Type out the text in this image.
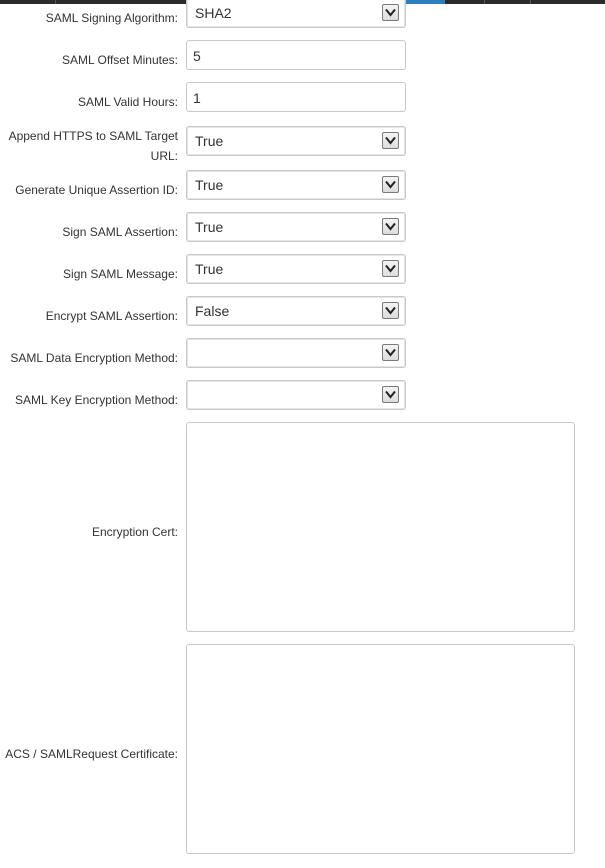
SAML Signing Algorithm: SHA2
SAML Offset Minutes: 5
SAML Valid Hours: 1
Append HTTPS to SAML Target
URL:
True
Generate Unique Assertion ID: True
Sign SAML Assertion: True
Sign SAML Message: True
Encrypt SAML Assertion: False
SAML Data Encryption Method:
SAML Key Encryption Method:
Encryption Cert:
ACS / SAMLRequest Certificate:
